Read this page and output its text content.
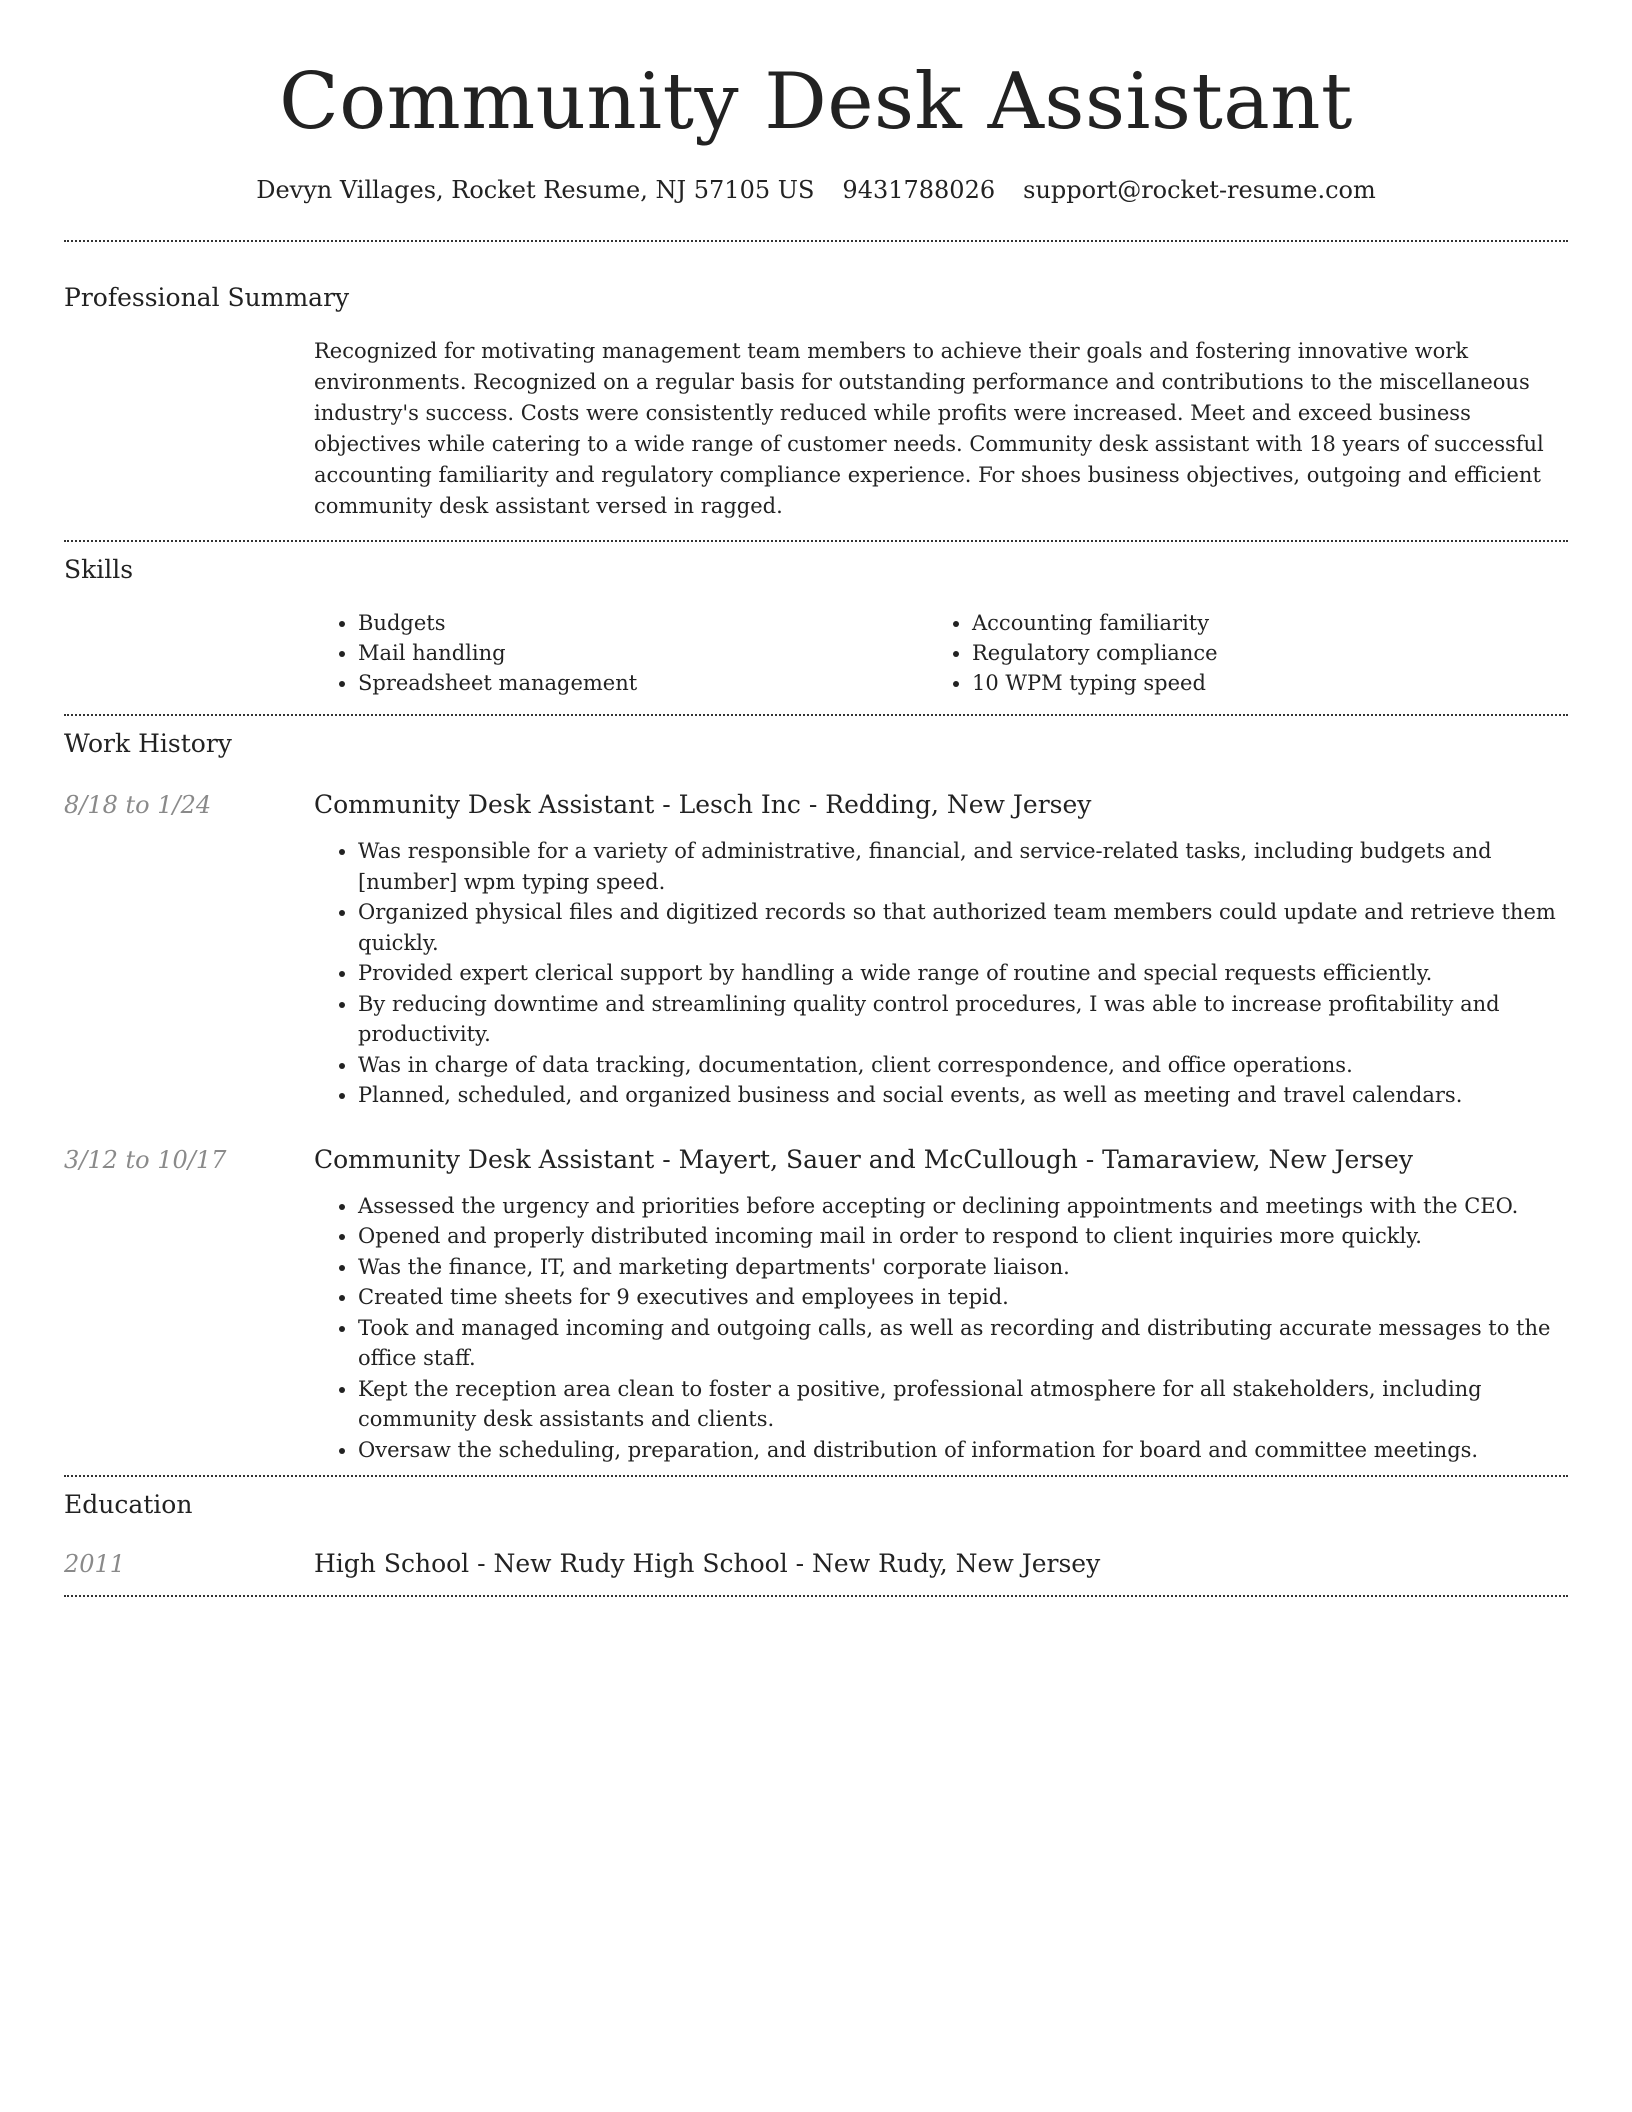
Community Desk Assistant
Devyn Villages, Rocket Resume, NJ 57105 US 9431788026 support@rocket-resume.com
Professional Summary

Recognized for motivating management team members to achieve their goals and fostering innovative work environments. Recognized on a regular basis for outstanding performance and contributions to the miscellaneous industry's success. Costs were consistently reduced while profits were increased. Meet and exceed business objectives while catering to a wide range of customer needs. Community desk assistant with 18 years of successful accounting familiarity and regulatory compliance experience. For shoes business objectives, outgoing and efficient community desk assistant versed in ragged.

Skills
• Budgets
• Mail handling
• Spreadsheet management
• Accounting familiarity
• Regulatory compliance
• 10 WPM typing speed
Work History
8/18 to 1/24	Community Desk Assistant - Lesch Inc - Redding, New Jersey
• Was responsible for a variety of administrative, financial, and service-related tasks, including budgets and [number] wpm typing speed.
• Organized physical files and digitized records so that authorized team members could update and retrieve them quickly.
• Provided expert clerical support by handling a wide range of routine and special requests efficiently.
• By reducing downtime and streamlining quality control procedures, I was able to increase profitability and productivity.
• Was in charge of data tracking, documentation, client correspondence, and office operations.
• Planned, scheduled, and organized business and social events, as well as meeting and travel calendars.
3/12 to 10/17	Community Desk Assistant - Mayert, Sauer and McCullough - Tamaraview, New Jersey
• Assessed the urgency and priorities before accepting or declining appointments and meetings with the CEO.
• Opened and properly distributed incoming mail in order to respond to client inquiries more quickly.
• Was the finance, IT, and marketing departments' corporate liaison.
• Created time sheets for 9 executives and employees in tepid.
• Took and managed incoming and outgoing calls, as well as recording and distributing accurate messages to the office staff.
• Kept the reception area clean to foster a positive, professional atmosphere for all stakeholders, including community desk assistants and clients.
• Oversaw the scheduling, preparation, and distribution of information for board and committee meetings.
Education
2011	High School - New Rudy High School - New Rudy, New Jersey
